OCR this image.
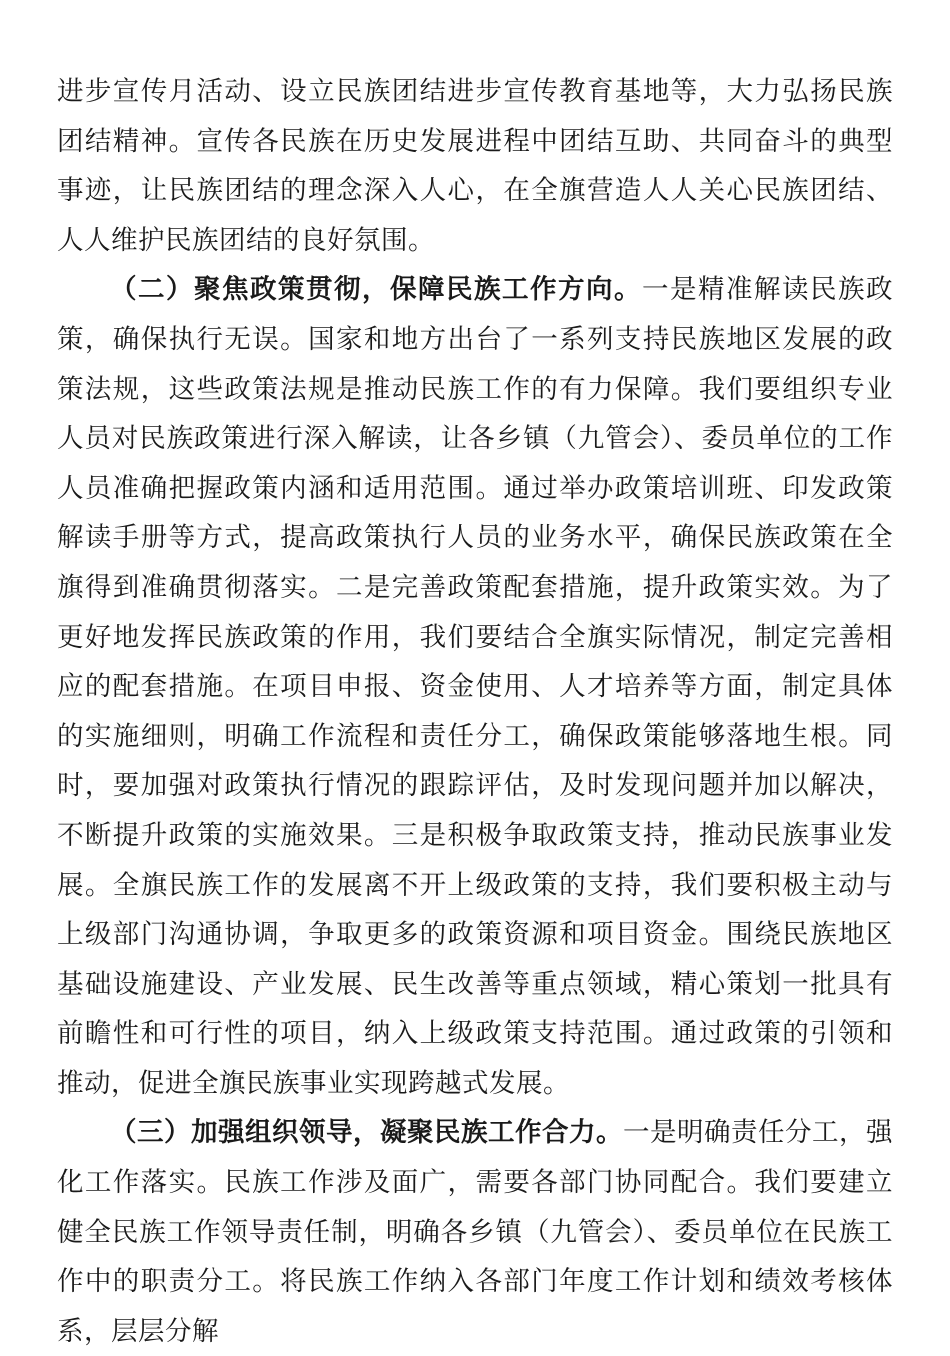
进步宣传月活动、设立民族团结进步宣传教育基地等，大力弘扬民族团结精神。宣传各民族在历史发展进程中团结互助、共同奋斗的典型事迹，让民族团结的理念深入人心，在全旗营造人人关心民族团结、人人维护民族团结的良好氛围。

（二）聚焦政策贯彻，保障民族工作方向。一是精准解读民族政策，确保执行无误。国家和地方出台了一系列支持民族地区发展的政策法规，这些政策法规是推动民族工作的有力保障。我们要组织专业人员对民族政策进行深入解读，让各乡镇（九管会）、委员单位的工作人员准确把握政策内涵和适用范围。通过举办政策培训班、印发政策解读手册等方式，提高政策执行人员的业务水平，确保民族政策在全旗得到准确贯彻落实。二是完善政策配套措施，提升政策实效。为了更好地发挥民族政策的作用，我们要结合全旗实际情况，制定完善相应的配套措施。在项目申报、资金使用、人才培养等方面，制定具体的实施细则，明确工作流程和责任分工，确保政策能够落地生根。同时，要加强对政策执行情况的跟踪评估，及时发现问题并加以解决，不断提升政策的实施效果。三是积极争取政策支持，推动民族事业发展。全旗民族工作的发展离不开上级政策的支持，我们要积极主动与上级部门沟通协调，争取更多的政策资源和项目资金。围绕民族地区基础设施建设、产业发展、民生改善等重点领域，精心策划一批具有前瞻性和可行性的项目，纳入上级政策支持范围。通过政策的引领和推动，促进全旗民族事业实现跨越式发展。

（三）加强组织领导，凝聚民族工作合力。一是明确责任分工，强化工作落实。民族工作涉及面广，需要各部门协同配合。我们要建立健全民族工作领导责任制，明确各乡镇（九管会）、委员单位在民族工作中的职责分工。将民族工作纳入各部门年度工作计划和绩效考核体系，层层分解
